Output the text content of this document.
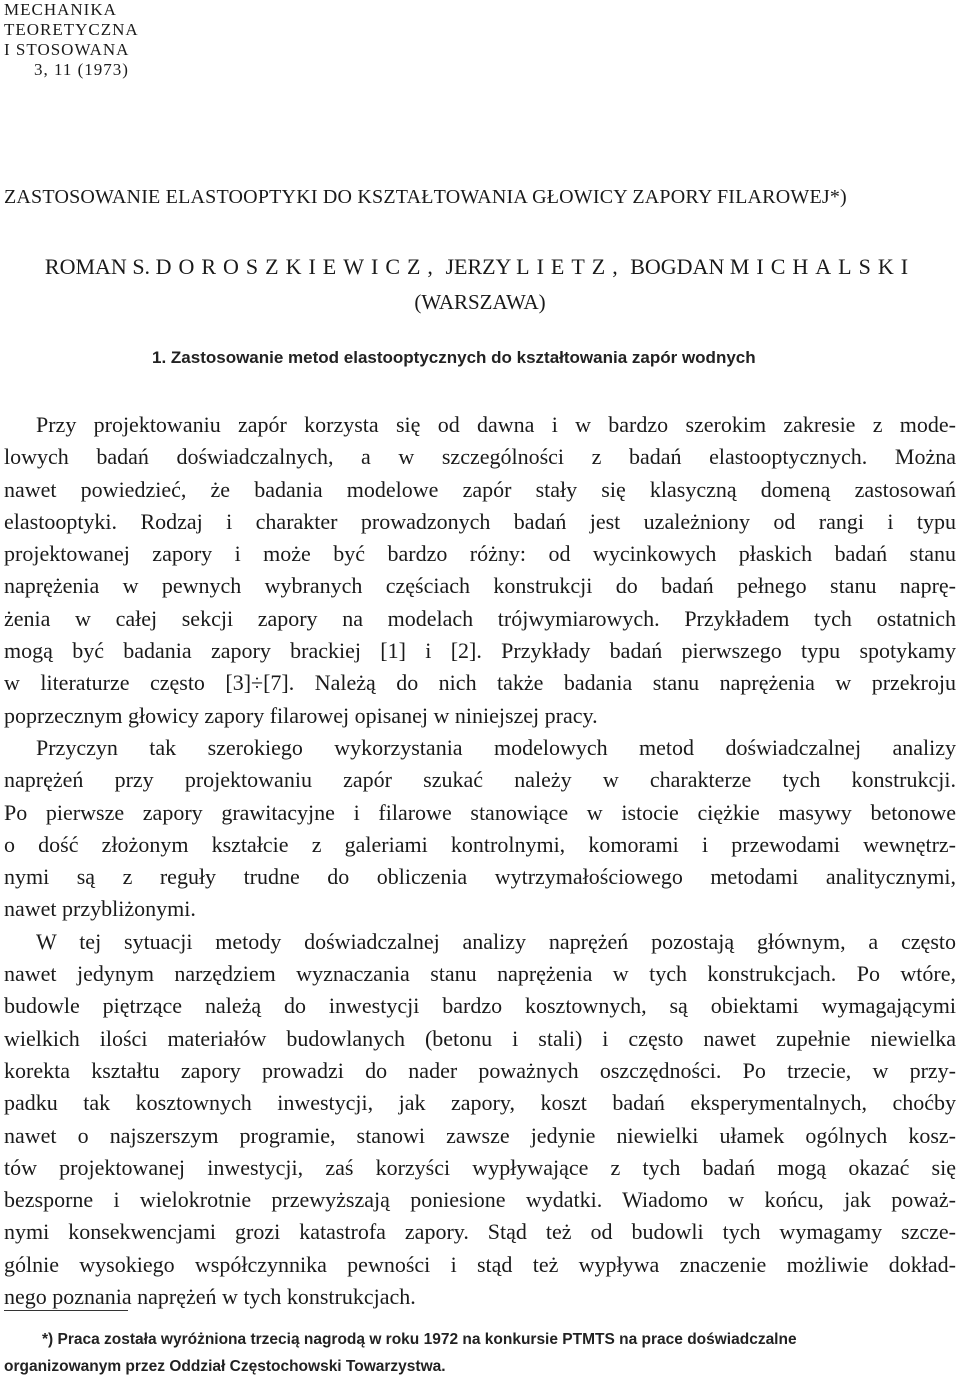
MECHANIKA
TEORETYCZNA
I STOSOWANA
3, 11 (1973)
ZASTOSOWANIE ELASTOOPTYKI DO KSZTAŁTOWANIA GŁOWICY ZAPORY FILAROWEJ*)
ROMAN S. DOROSZKIEWICZ, JERZY LIETZ, BOGDAN MICHALSKI
(WARSZAWA)
1. Zastosowanie metod elastooptycznych do kształtowania zapór wodnych
Przy projektowaniu zapór korzysta się od dawna i w bardzo szerokim zakresie z mode-
lowych badań doświadczalnych, a w szczególności z badań elastooptycznych. Można
nawet powiedzieć, że badania modelowe zapór stały się klasyczną domeną zastosowań
elastooptyki. Rodzaj i charakter prowadzonych badań jest uzależniony od rangi i typu
projektowanej zapory i może być bardzo różny: od wycinkowych płaskich badań stanu
naprężenia w pewnych wybranych częściach konstrukcji do badań pełnego stanu naprę-
żenia w całej sekcji zapory na modelach trójwymiarowych. Przykładem tych ostatnich
mogą być badania zapory brackiej [1] i [2]. Przykłady badań pierwszego typu spotykamy
w literaturze często [3]÷[7]. Należą do nich także badania stanu naprężenia w przekroju
poprzecznym głowicy zapory filarowej opisanej w niniejszej pracy.
Przyczyn tak szerokiego wykorzystania modelowych metod doświadczalnej analizy
naprężeń przy projektowaniu zapór szukać należy w charakterze tych konstrukcji.
Po pierwsze zapory grawitacyjne i filarowe stanowiące w istocie ciężkie masywy betonowe
o dość złożonym kształcie z galeriami kontrolnymi, komorami i przewodami wewnętrz-
nymi są z reguły trudne do obliczenia wytrzymałościowego metodami analitycznymi,
nawet przybliżonymi.
W tej sytuacji metody doświadczalnej analizy naprężeń pozostają głównym, a często
nawet jedynym narzędziem wyznaczania stanu naprężenia w tych konstrukcjach. Po wtóre,
budowle piętrzące należą do inwestycji bardzo kosztownych, są obiektami wymagającymi
wielkich ilości materiałów budowlanych (betonu i stali) i często nawet zupełnie niewielka
korekta kształtu zapory prowadzi do nader poważnych oszczędności. Po trzecie, w przy-
padku tak kosztownych inwestycji, jak zapory, koszt badań eksperymentalnych, choćby
nawet o najszerszym programie, stanowi zawsze jedynie niewielki ułamek ogólnych kosz-
tów projektowanej inwestycji, zaś korzyści wypływające z tych badań mogą okazać się
bezsporne i wielokrotnie przewyższają poniesione wydatki. Wiadomo w końcu, jak poważ-
nymi konsekwencjami grozi katastrofa zapory. Stąd też od budowli tych wymagamy szcze-
gólnie wysokiego współczynnika pewności i stąd też wypływa znaczenie możliwie dokład-
nego poznania naprężeń w tych konstrukcjach.
*) Praca została wyróżniona trzecią nagrodą w roku 1972 na konkursie PTMTS na prace doświadczalne
organizowanym przez Oddział Częstochowski Towarzystwa.
